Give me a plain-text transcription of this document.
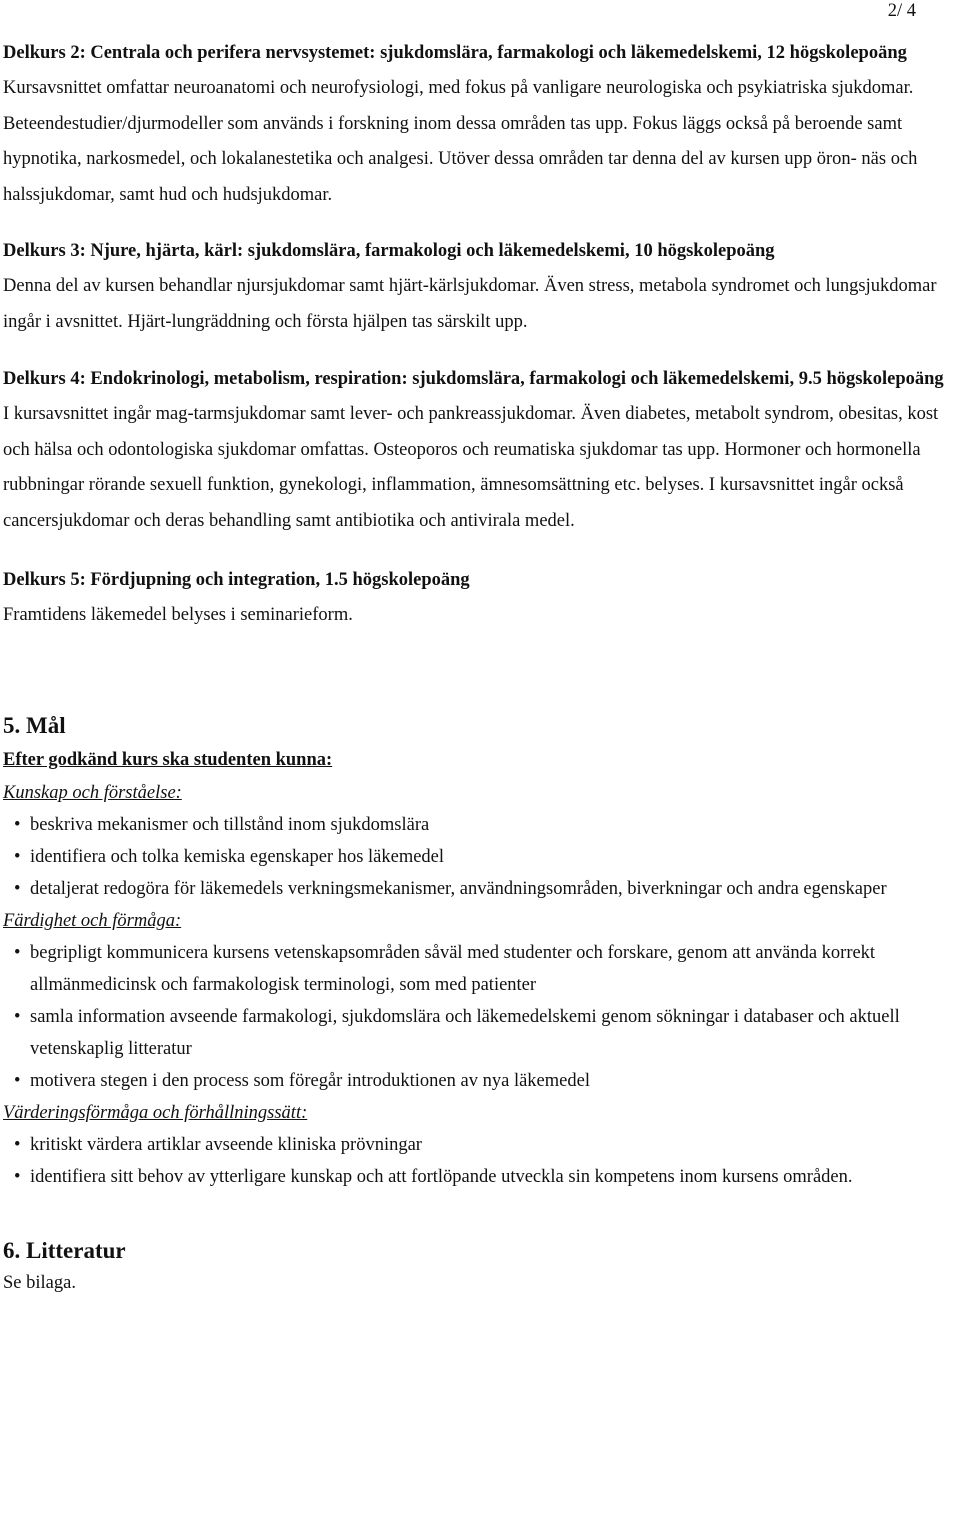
2/ 4
Delkurs 2: Centrala och perifera nervsystemet: sjukdomslära, farmakologi och läkemedelskemi, 12 högskolepoäng
Kursavsnittet omfattar neuroanatomi och neurofysiologi, med fokus på vanligare neurologiska och psykiatriska sjukdomar. Beteendestudier/djurmodeller som används i forskning inom dessa områden tas upp. Fokus läggs också på beroende samt hypnotika, narkosmedel, och lokalanestetika och analgesi. Utöver dessa områden tar denna del av kursen upp öron- näs och halssjukdomar, samt hud och hudsjukdomar.
Delkurs 3: Njure, hjärta, kärl: sjukdomslära, farmakologi och läkemedelskemi, 10 högskolepoäng
Denna del av kursen behandlar njursjukdomar samt hjärt-kärlsjukdomar. Även stress, metabola syndromet och lungsjukdomar ingår i avsnittet. Hjärt-lungräddning och första hjälpen tas särskilt upp.
Delkurs 4: Endokrinologi, metabolism, respiration: sjukdomslära, farmakologi och läkemedelskemi, 9.5 högskolepoäng
I kursavsnittet ingår mag-tarmsjukdomar samt lever- och pankreassjukdomar. Även diabetes, metabolt syndrom, obesitas, kost och hälsa och odontologiska sjukdomar omfattas. Osteoporos och reumatiska sjukdomar tas upp. Hormoner och hormonella rubbningar rörande sexuell funktion, gynekologi, inflammation, ämnesomsättning etc. belyses. I kursavsnittet ingår också cancersjukdomar och deras behandling samt antibiotika och antivirala medel.
Delkurs 5: Fördjupning och integration, 1.5 högskolepoäng
Framtidens läkemedel belyses i seminarieform.
5. Mål
Efter godkänd kurs ska studenten kunna:
Kunskap och förståelse:
• beskriva mekanismer och tillstånd inom sjukdomslära
• identifiera och tolka kemiska egenskaper hos läkemedel
• detaljerat redogöra för läkemedels verkningsmekanismer, användningsområden, biverkningar och andra egenskaper
Färdighet och förmåga:
• begripligt kommunicera kursens vetenskapsområden såväl med studenter och forskare, genom att använda korrekt allmänmedicinsk och farmakologisk terminologi, som med patienter
• samla information avseende farmakologi, sjukdomslära och läkemedelskemi genom sökningar i databaser och aktuell vetenskaplig litteratur
• motivera stegen i den process som föregår introduktionen av nya läkemedel
Värderingsförmåga och förhållningssätt:
• kritiskt värdera artiklar avseende kliniska prövningar
• identifiera sitt behov av ytterligare kunskap och att fortlöpande utveckla sin kompetens inom kursens områden.
6. Litteratur
Se bilaga.
